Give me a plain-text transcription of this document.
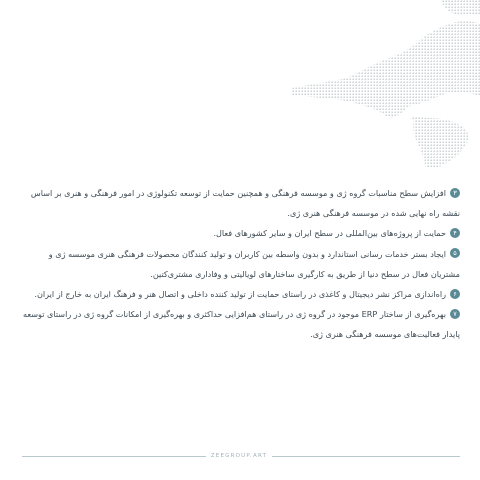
۳افزایش سطح مناسبات گروه ژی و موسسه فرهنگی و همچنین حمایت از توسعه تکنولوژی در امور فرهنگی و هنری بر اساس نقشه راه نهایی شده در موسسه فرهنگی هنری ژی.

۴حمایت از پروژه‌های بین‌المللی در سطح ایران و سایر کشورهای فعال.

۵ایجاد بستر خدمات رسانی استاندارد و بدون واسطه بین کاربران و تولید کنندگان محصولات فرهنگی هنری موسسه ژی و مشتریان فعال در سطح دنیا از طریق به کارگیری ساختارهای لویالیتی و وفاداری مشتری‌کتین.

۶راه‌اندازی مراکز نشر دیجیتال و کاغذی در راستای حمایت از تولید کننده داخلی و اتصال هنر و فرهنگ ایران به خارج از ایران.

۷بهره‌گیری از ساختار ERP موجود در گروه ژی در راستای هم‌افزایی حداکثری و بهره‌گیری از امکانات گروه ژی در راستای توسعه پایدار فعالیت‌های موسسه فرهنگی هنری ژی.

ZEEGROUP.ART
